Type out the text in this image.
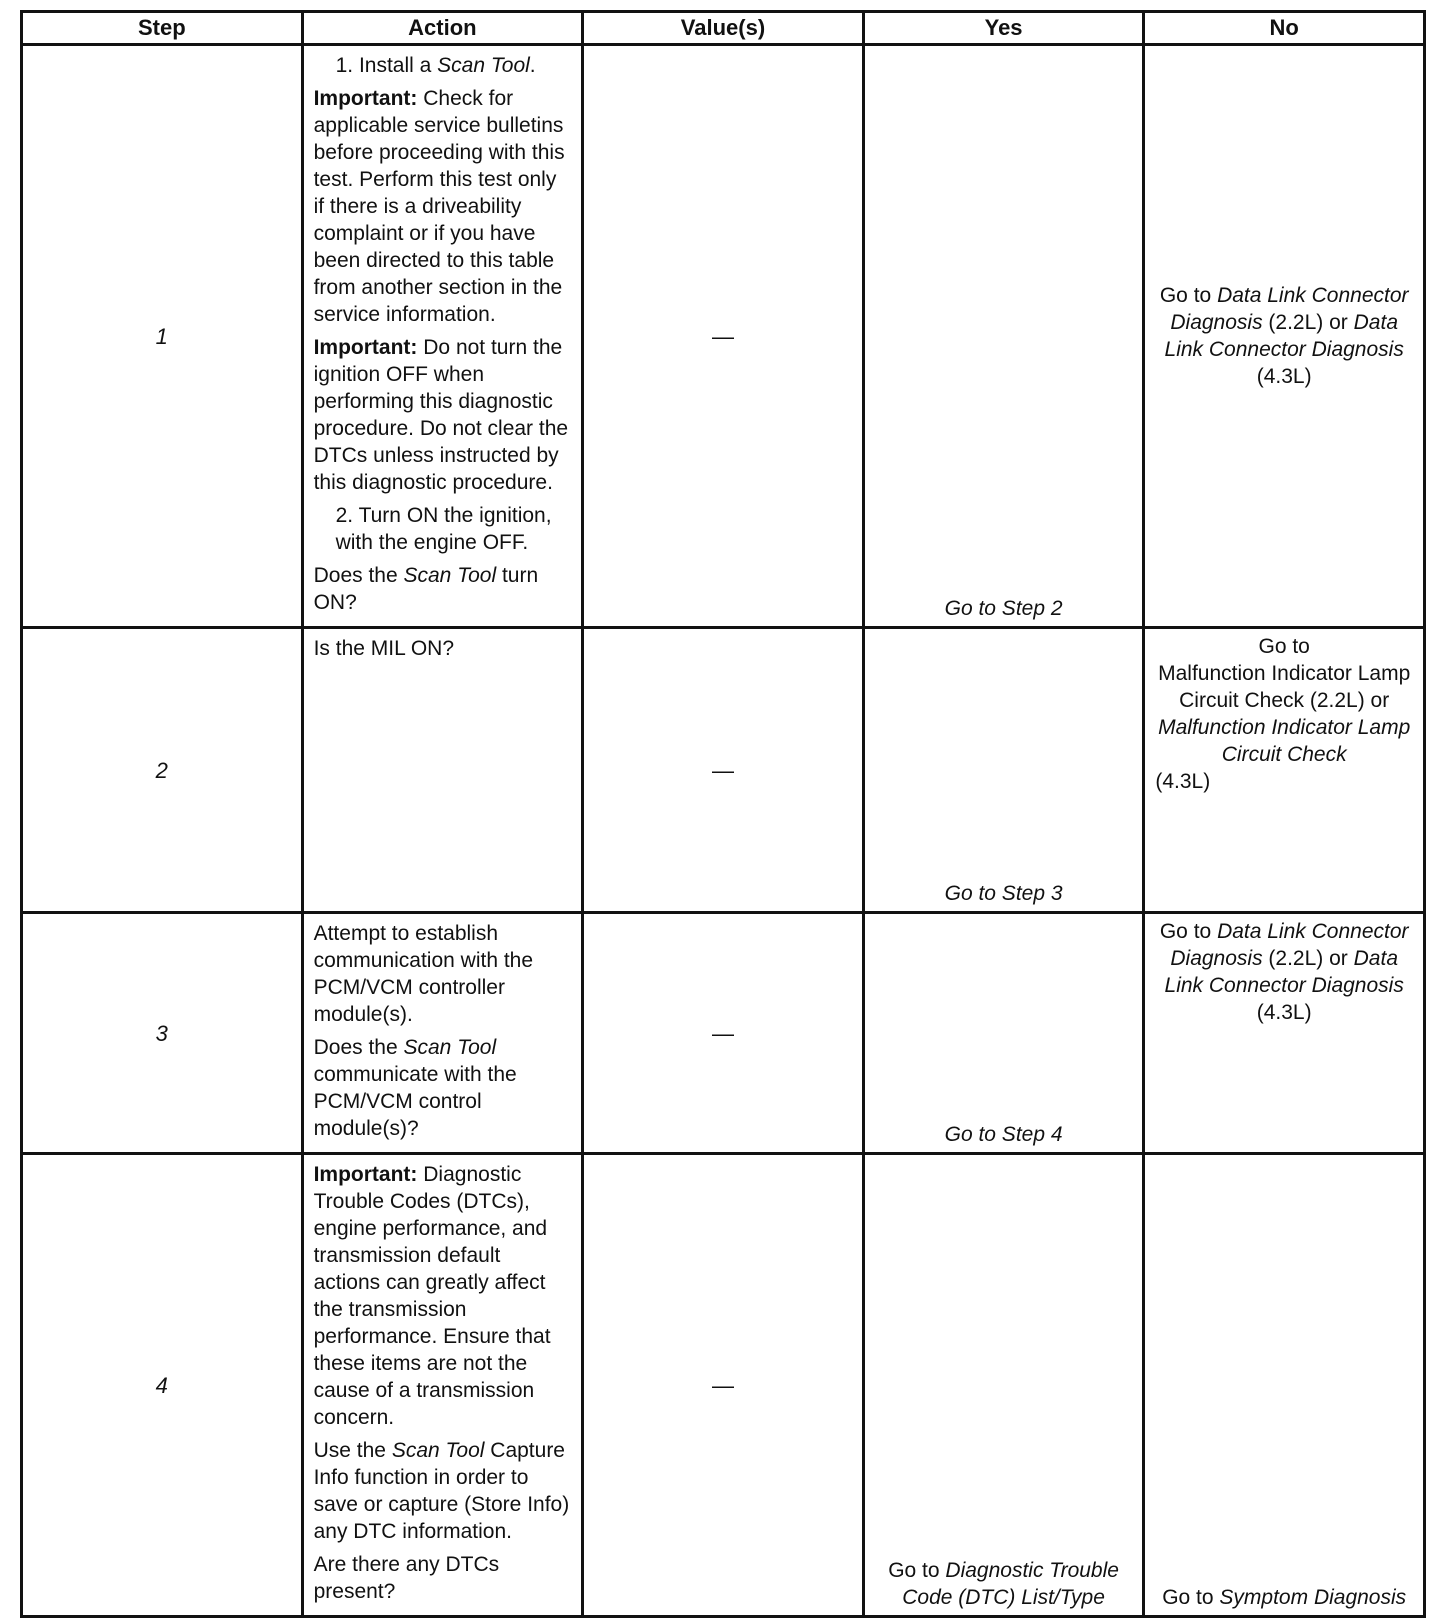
Step	Action	Value(s)	Yes	No
1	1. Install a Scan Tool.
Important: Check for applicable service bulletins before proceeding with this test. Perform this test only if there is a driveability complaint or if you have been directed to this table from another section in the service information.
Important: Do not turn the ignition OFF when performing this diagnostic procedure. Do not clear the DTCs unless instructed by this diagnostic procedure.
2. Turn ON the ignition, with the engine OFF.
Does the Scan Tool turn ON?	—	Go to Step 2	Go to Data Link Connector Diagnosis (2.2L) or Data Link Connector Diagnosis (4.3L)
2	Is the MIL ON?	—	Go to Step 3	Go to
Malfunction Indicator Lamp Circuit Check (2.2L) or Malfunction Indicator Lamp Circuit Check
(4.3L)

3	Attempt to establish communication with the PCM/VCM controller module(s).
Does the Scan Tool communicate with the PCM/VCM control module(s)?	—	Go to Step 4	Go to Data Link Connector Diagnosis (2.2L) or Data Link Connector Diagnosis (4.3L)

4	Important: Diagnostic Trouble Codes (DTCs), engine performance, and transmission default actions can greatly affect the transmission performance. Ensure that these items are not the cause of a transmission concern.
Use the Scan Tool Capture Info function in order to save or capture (Store Info) any DTC information.
Are there any DTCs present?	—	Go to Diagnostic Trouble Code (DTC) List/Type	Go to Symptom Diagnosis
